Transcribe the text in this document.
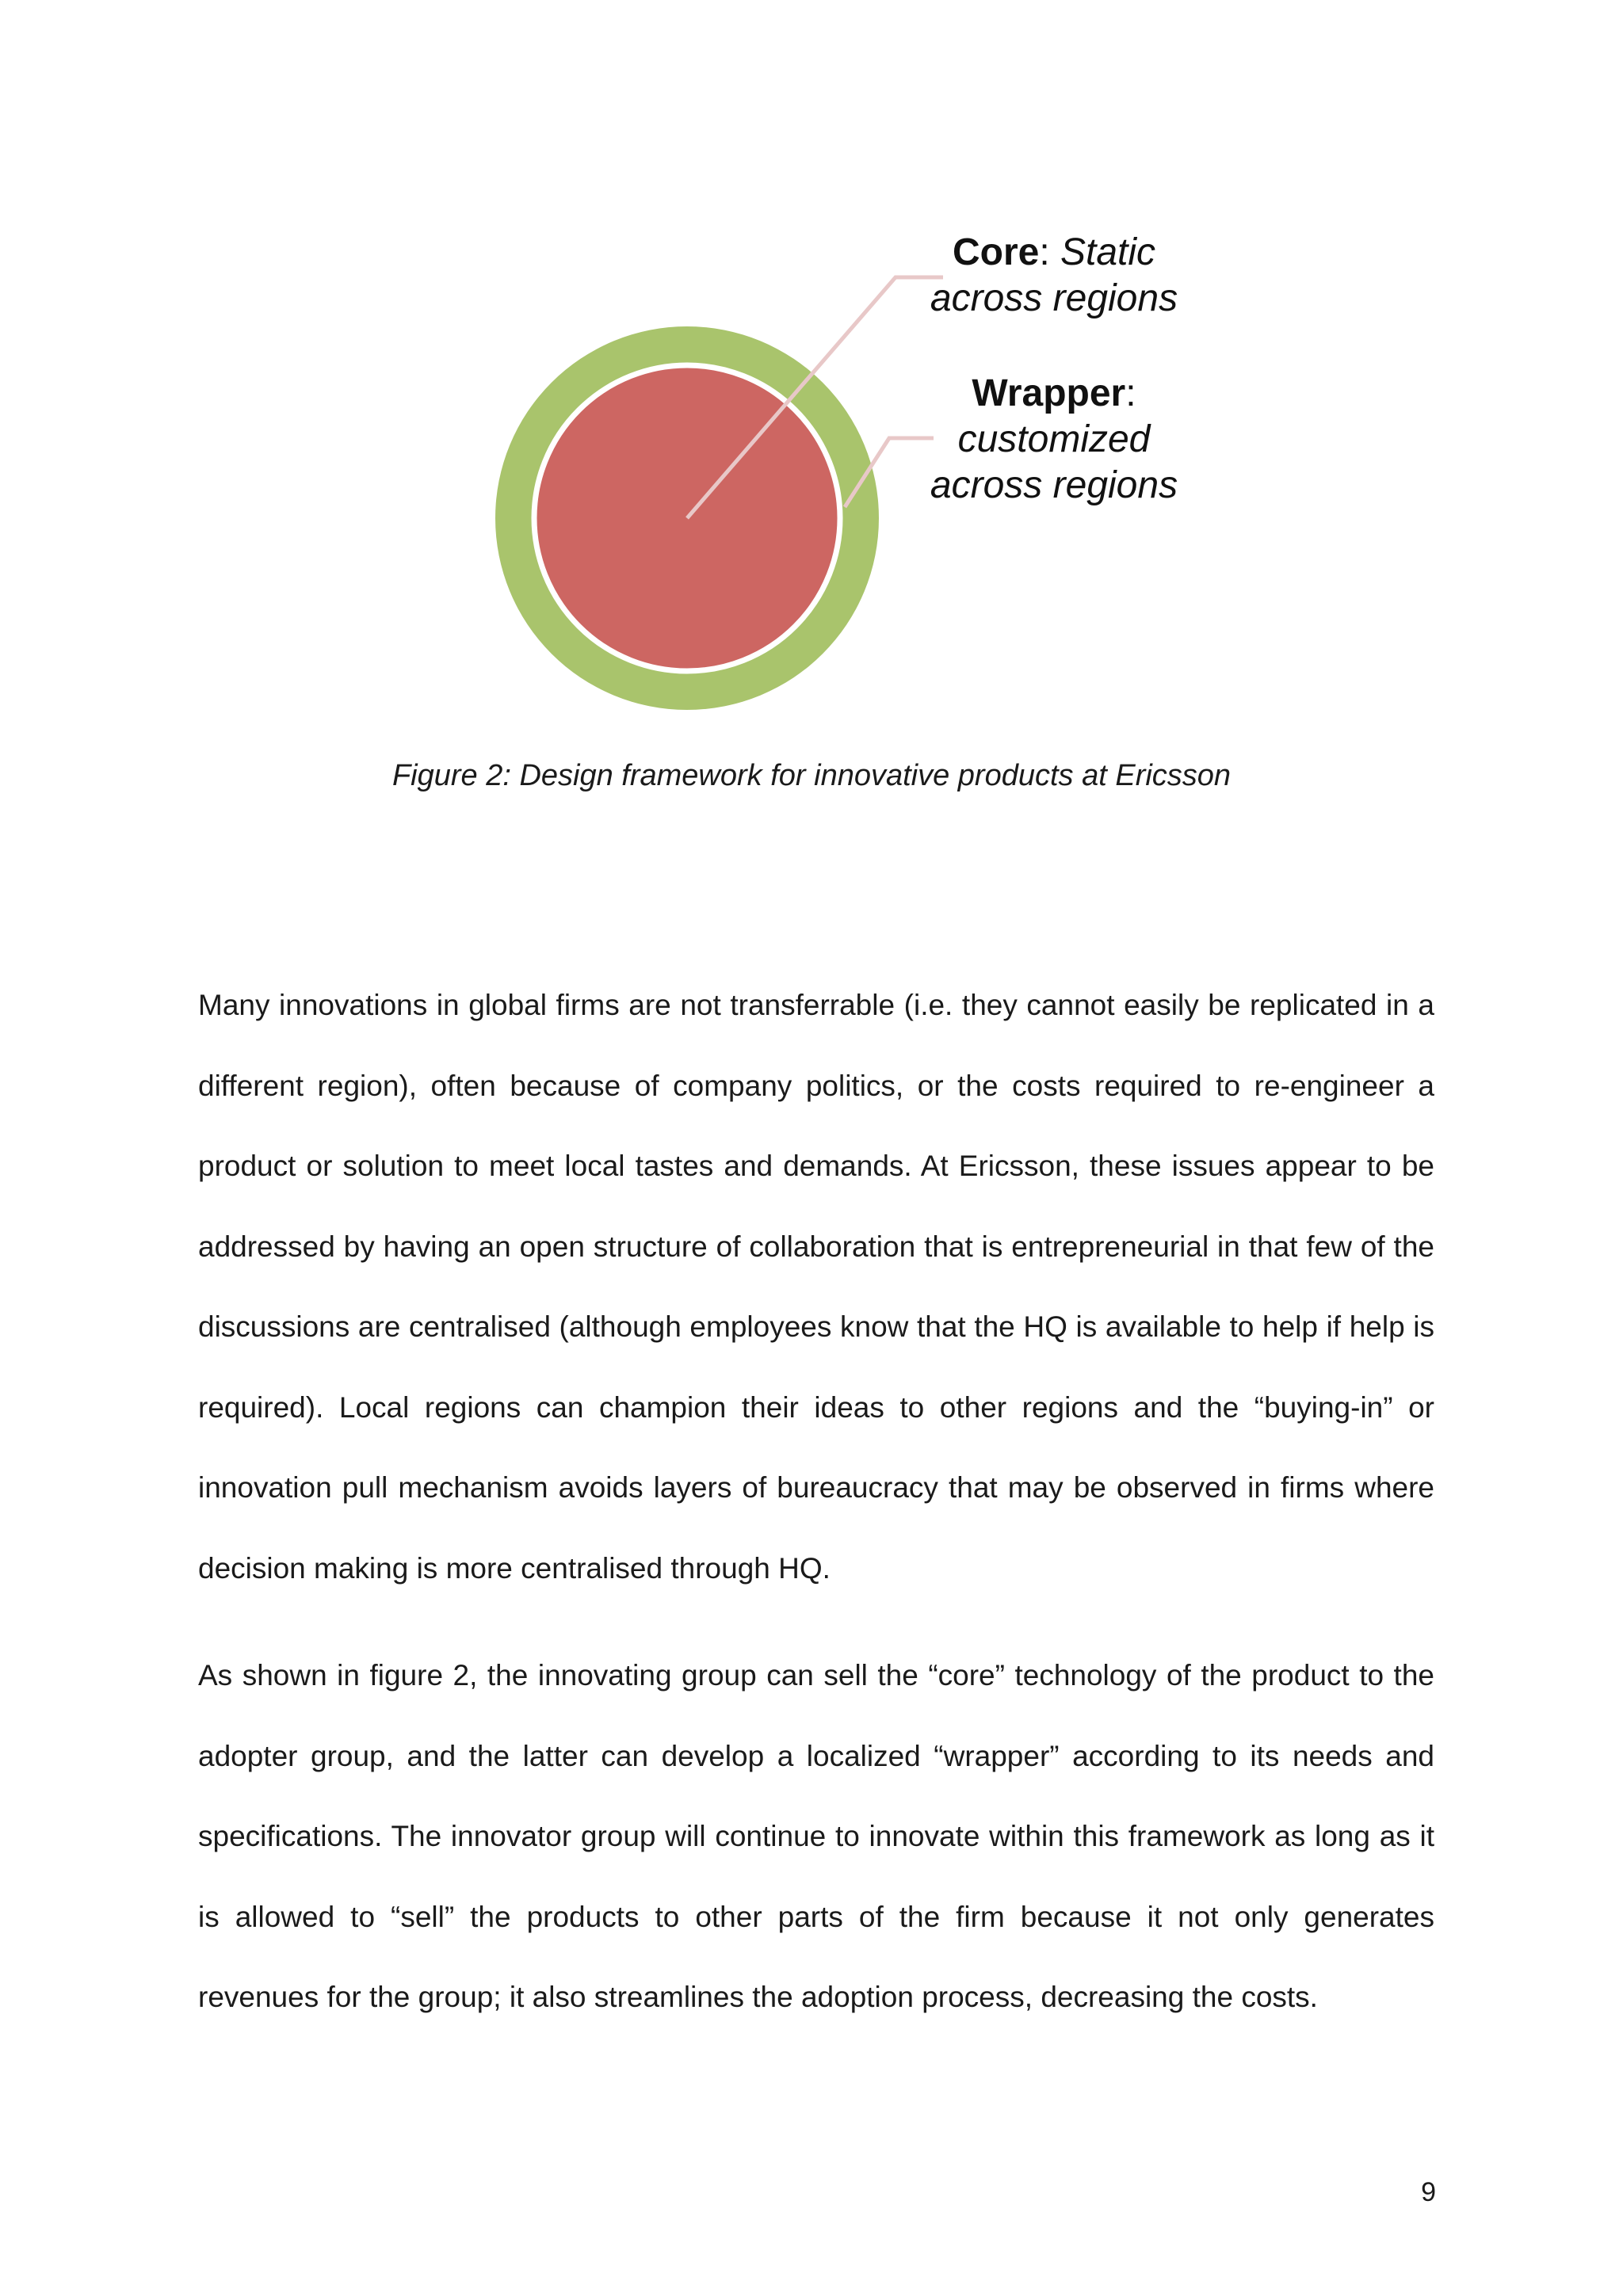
Core: Static
across regions
Wrapper:
customized
across regions
Figure 2: Design framework for innovative products at Ericsson

Many innovations in global firms are not transferrable (i.e. they cannot easily be replicated in a different region), often because of company politics, or the costs required to re-engineer a product or solution to meet local tastes and demands. At Ericsson, these issues appear to be addressed by having an open structure of collaboration that is entrepreneurial in that few of the discussions are centralised (although employees know that the HQ is available to help if help is required). Local regions can champion their ideas to other regions and the “buying-in” or innovation pull mechanism avoids layers of bureaucracy that may be observed in firms where decision making is more centralised through HQ.

As shown in figure 2, the innovating group can sell the “core” technology of the product to the adopter group, and the latter can develop a localized “wrapper” according to its needs and specifications. The innovator group will continue to innovate within this framework as long as it is allowed to “sell” the products to other parts of the firm because it not only generates revenues for the group; it also streamlines the adoption process, decreasing the costs.

9
